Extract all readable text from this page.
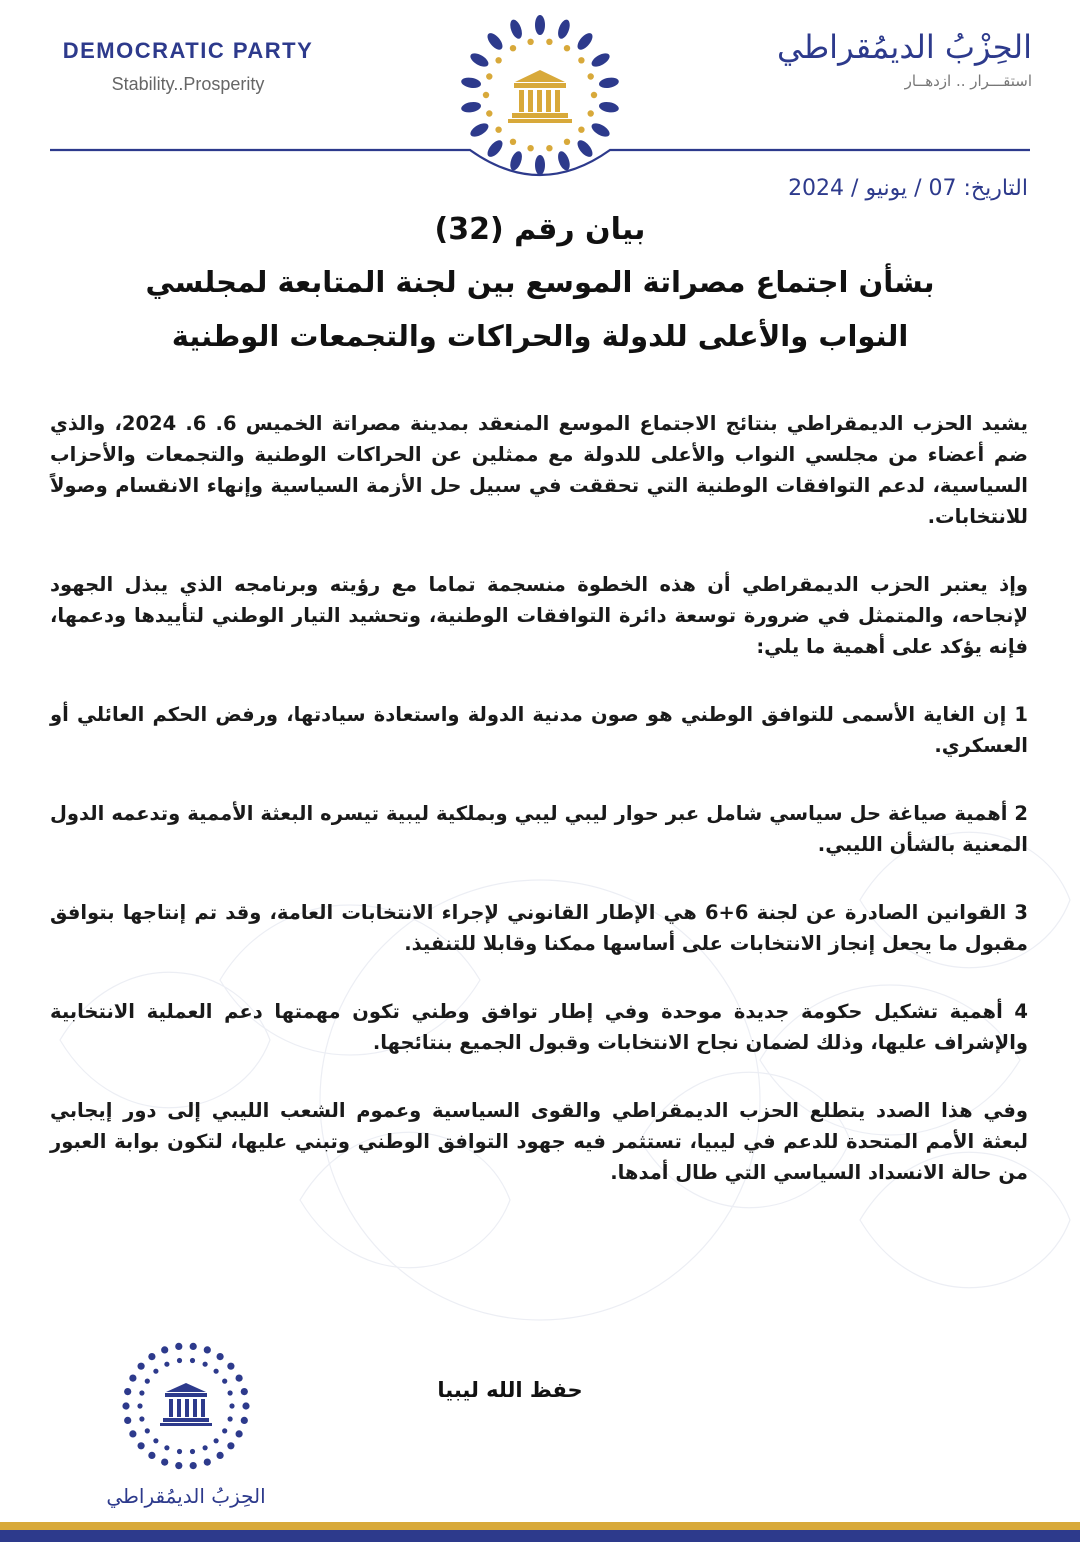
DEMOCRATIC PARTY
Stability..Prosperity
الحِزْبُ الديمُقراطي
استقـــرار .. ازدهــار
التاريخ: 07 / يونيو / 2024
بيان رقم (32)
بشأن اجتماع مصراتة الموسع بين لجنة المتابعة لمجلسي
النواب والأعلى للدولة والحراكات والتجمعات الوطنية

يشيد الحزب الديمقراطي بنتائج الاجتماع الموسع المنعقد بمدينة مصراتة الخميس 6. 6. 2024، والذي ضم أعضاء من مجلسي النواب والأعلى للدولة مع ممثلين عن الحراكات الوطنية والتجمعات والأحزاب السياسية، لدعم التوافقات الوطنية التي تحققت في سبيل حل الأزمة السياسية وإنهاء الانقسام وصولاً للانتخابات.

وإذ يعتبر الحزب الديمقراطي أن هذه الخطوة منسجمة تماما مع رؤيته وبرنامجه الذي يبذل الجهود لإنجاحه، والمتمثل في ضرورة توسعة دائرة التوافقات الوطنية، وتحشيد التيار الوطني لتأييدها ودعمها، فإنه يؤكد على أهمية ما يلي:

1 إن الغاية الأسمى للتوافق الوطني هو صون مدنية الدولة واستعادة سيادتها، ورفض الحكم العائلي أو العسكري.

2 أهمية صياغة حل سياسي شامل عبر حوار ليبي ليبي وبملكية ليبية تيسره البعثة الأممية وتدعمه الدول المعنية بالشأن الليبي.

3 القوانين الصادرة عن لجنة 6+6 هي الإطار القانوني لإجراء الانتخابات العامة، وقد تم إنتاجها بتوافق مقبول ما يجعل إنجاز الانتخابات على أساسها ممكنا وقابلا للتنفيذ.

4 أهمية تشكيل حكومة جديدة موحدة وفي إطار توافق وطني تكون مهمتها دعم العملية الانتخابية والإشراف عليها، وذلك لضمان نجاح الانتخابات وقبول الجميع بنتائجها.

وفي هذا الصدد يتطلع الحزب الديمقراطي والقوى السياسية وعموم الشعب الليبي إلى دور إيجابي لبعثة الأمم المتحدة للدعم في ليبيا، تستثمر فيه جهود التوافق الوطني وتبني عليها، لتكون بوابة العبور من حالة الانسداد السياسي التي طال أمدها.

حفظ الله ليبيا
الحِزبُ الديمُقراطي
